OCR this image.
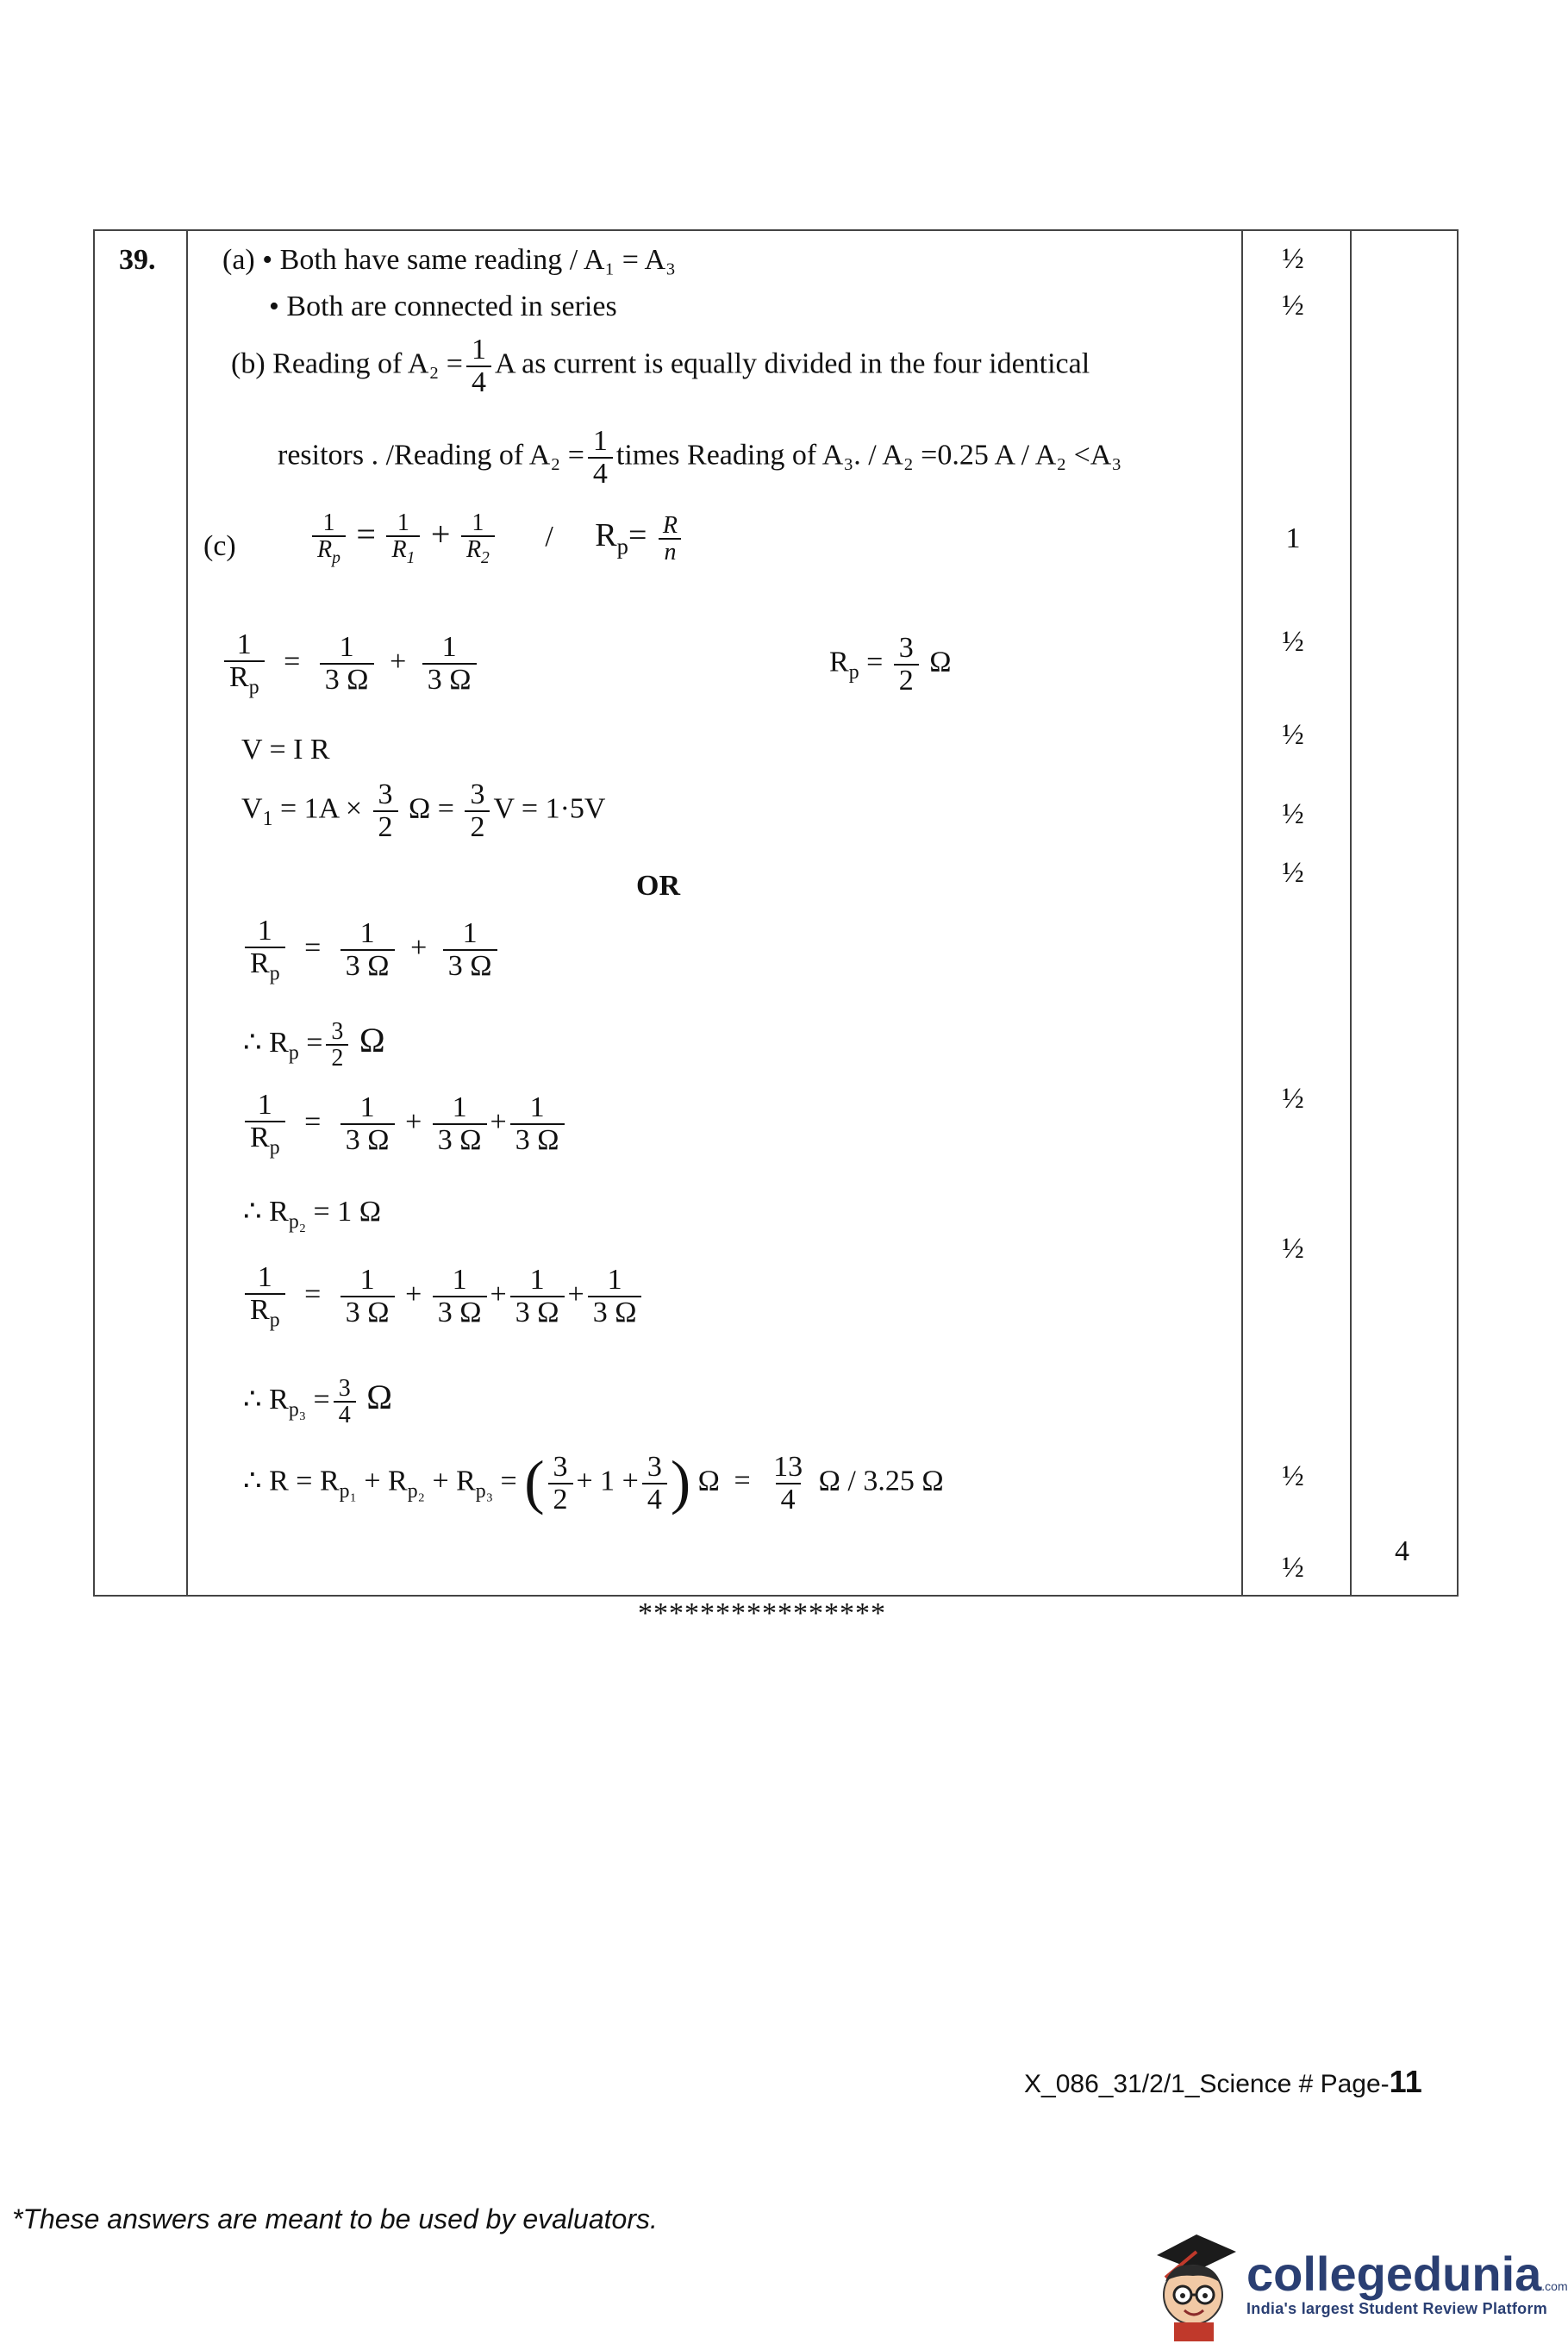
39. (a) • Both have same reading / A₁ = A₃
• Both are connected in series
(b) Reading of $A_2 = \frac{1}{4}$ A as current is equally divided in the four identical
resitors . /Reading of $A_2 = \frac{1}{4}$ times Reading of A₃. / A₂ =0.25 A / A₂ <A₃
(c)	$\frac{1}{R_p} = \frac{1}{R_1} + \frac{1}{R_2} / R_p= \frac{R}{n}$
$\frac{1}{R_p} = \frac{1}{3 \Omega} + \frac{1}{3 \Omega}$	$R_p = \frac{3}{2}$ Ω
V = I R
$V_1 = 1A \times \frac{3}{2}$ $\Omega = \frac{3}{2}$ V = 1·5V
OR
$\frac{1}{R_p} = \frac{1}{3 \Omega} + \frac{1}{3 \Omega}$
∴ $R_p = \frac{3}{2}$ Ω
$\frac{1}{R_p} = \frac{1}{3 \Omega} + \frac{1}{3 \Omega} + \frac{1}{3 \Omega}$
∴ $R_{p_2} = 1$ Ω
$\frac{1}{R_p} = \frac{1}{3 \Omega} + \frac{1}{3 \Omega} + \frac{1}{3 \Omega} + \frac{1}{3 \Omega}$
∴ $R_{p_3} = \frac{3}{4}$ Ω
∴ $R = R_{p_1} + R_{p_2} + R_{p_3}$ = ( $\frac{3}{2} + 1 + \frac{3}{4}$ ) $\Omega = \frac{13}{4}$ Ω / 3.25 Ω
½
½
1
½
½
½
½
½
½
½
½
4
****************
X_086_31/2/1_Science # Page-11
*These answers are meant to be used by evaluators.
collegedunia.com
India's largest Student Review Platform
